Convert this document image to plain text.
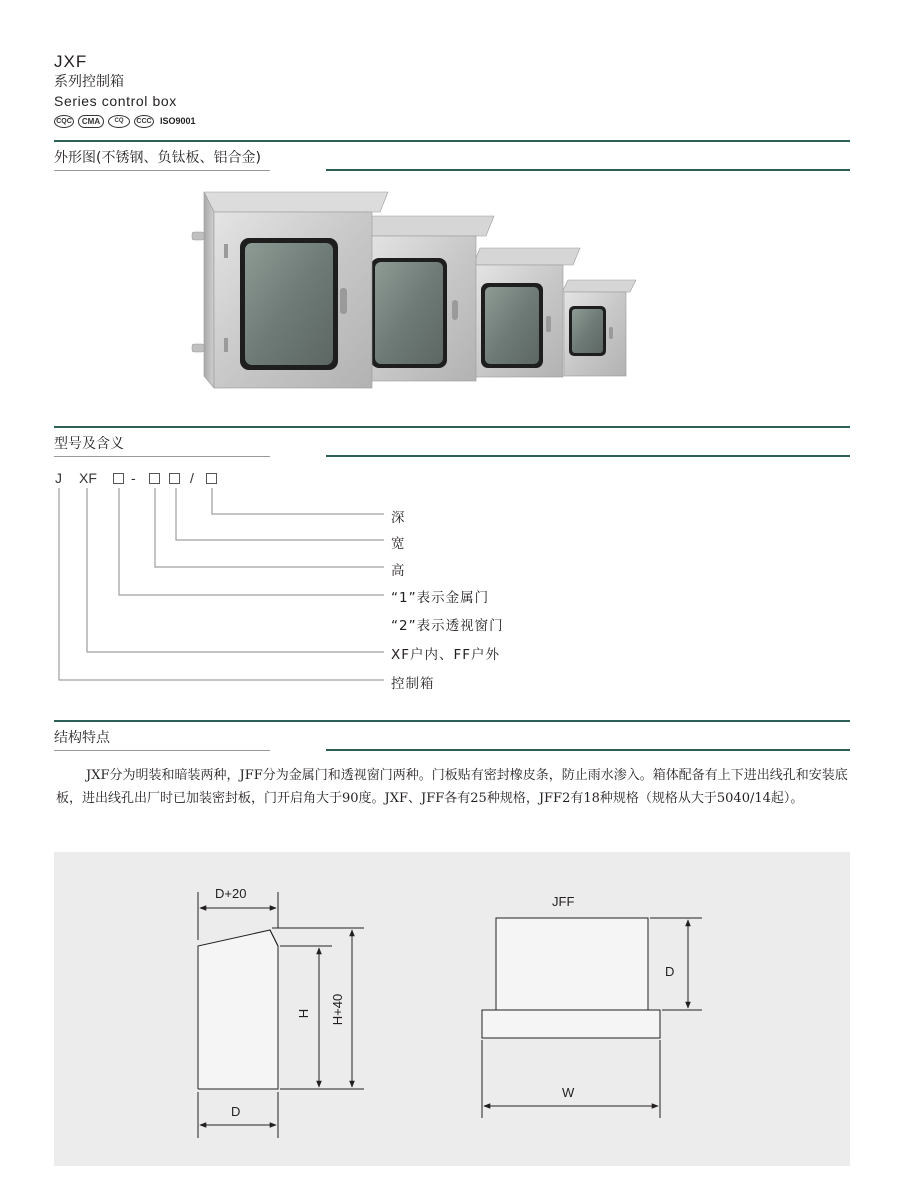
JXF
系列控制箱
Series control box
CQC	CMA	CQ	CCC ISO9001
外形图(不锈钢、负钛板、铝合金)
型号及含义
J XF -	/
深
宽
高
“1”表示金属门
“2”表示透视窗门
XF户内、FF户外
控制箱
结构特点
JXF分为明装和暗装两种，JFF分为金属门和透视窗门两种。门板贴有密封橡皮条，防止雨水渗入。箱体配备有上下进出线孔和安装底板，进出线孔出厂时已加装密封板，门开启角大于90度。JXF、JFF各有25种规格，JFF2有18种规格（规格从大于5040/14起）。
D+20
H H+40
D
JFF
D
W
